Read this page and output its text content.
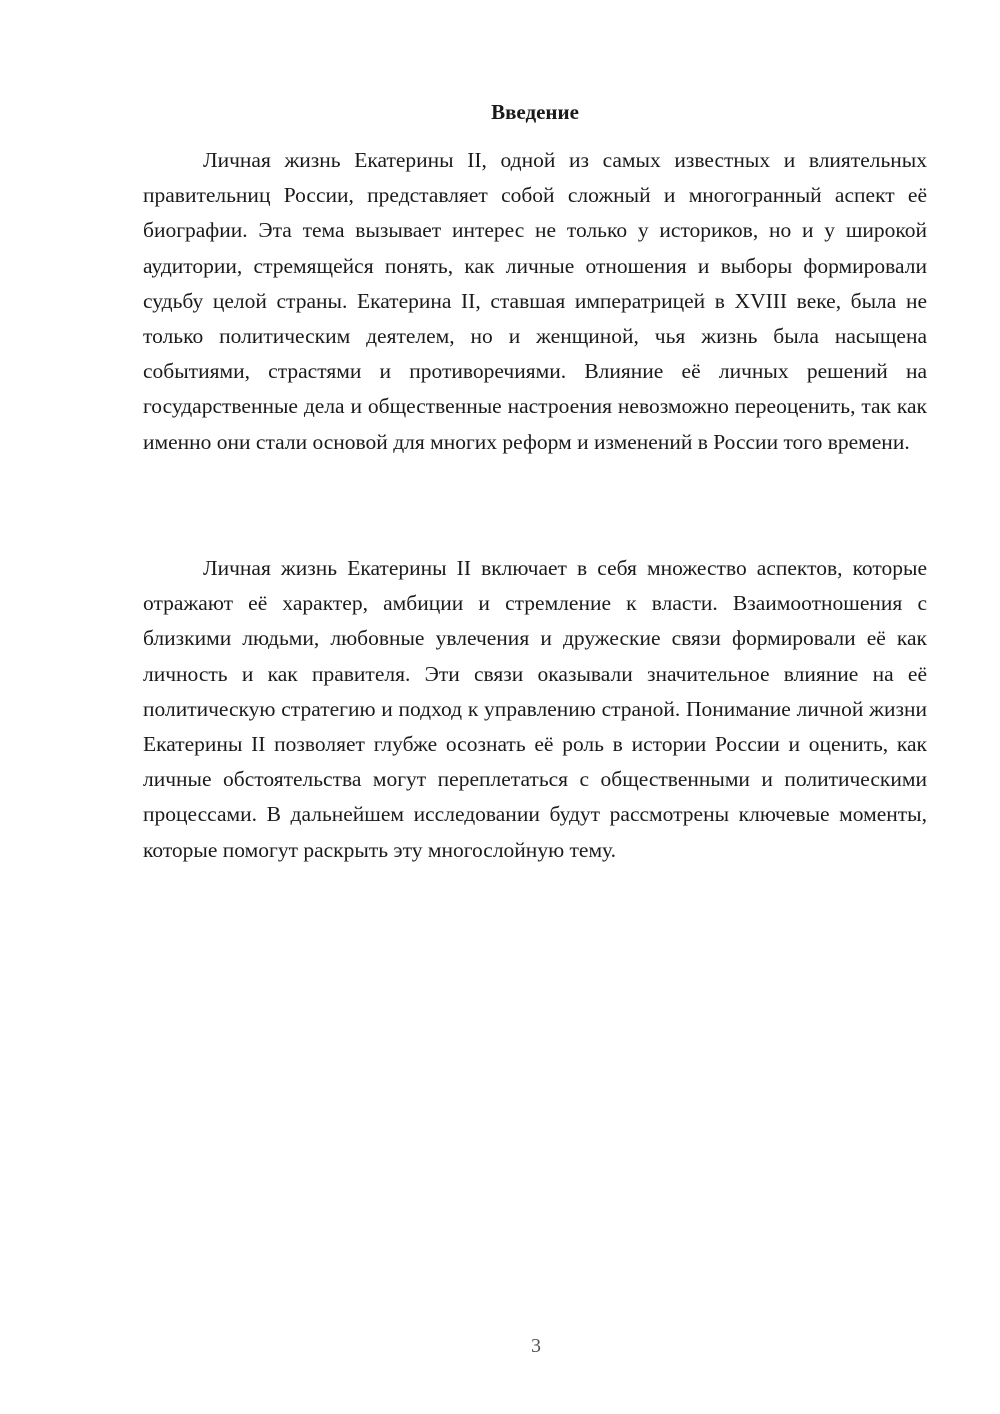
Введение

Личная жизнь Екатерины II, одной из самых известных и влиятельных правительниц России, представляет собой сложный и многогранный аспект её биографии. Эта тема вызывает интерес не только у историков, но и у широкой аудитории, стремящейся понять, как личные отношения и выборы формировали судьбу целой страны. Екатерина II, ставшая императрицей в XVIII веке, была не только политическим деятелем, но и женщиной, чья жизнь была насыщена событиями, страстями и противоречиями. Влияние её личных решений на государственные дела и общественные настроения невозможно переоценить, так как именно они стали основой для многих реформ и изменений в России того времени.

Личная жизнь Екатерины II включает в себя множество аспектов, которые отражают её характер, амбиции и стремление к власти. Взаимоотношения с близкими людьми, любовные увлечения и дружеские связи формировали её как личность и как правителя. Эти связи оказывали значительное влияние на её политическую стратегию и подход к управлению страной. Понимание личной жизни Екатерины II позволяет глубже осознать её роль в истории России и оценить, как личные обстоятельства могут переплетаться с общественными и политическими процессами. В дальнейшем исследовании будут рассмотрены ключевые моменты, которые помогут раскрыть эту многослойную тему.

3
